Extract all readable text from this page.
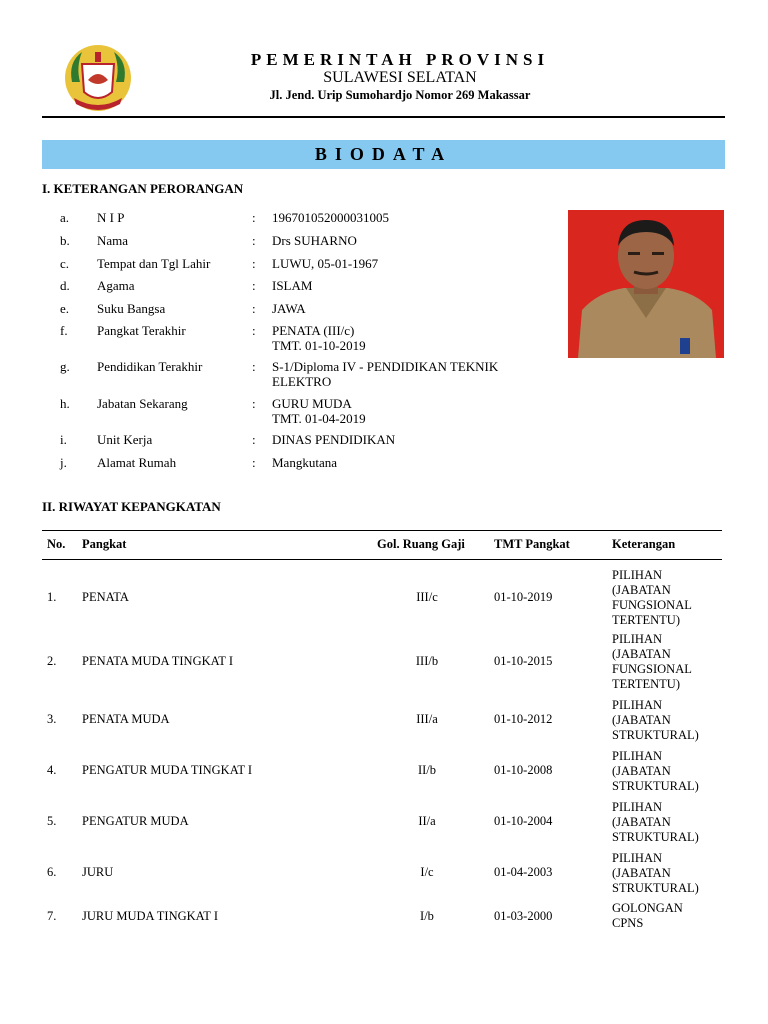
PEMERINTAH PROVINSI
SULAWESI SELATAN
Jl. Jend. Urip Sumohardjo Nomor 269 Makassar
BIODATA
I. KETERANGAN PERORANGAN
a. N I P	: 196701052000031005
b. Nama	: Drs SUHARNO
c. Tempat dan Tgl Lahir	: LUWU, 05-01-1967
d. Agama	: ISLAM
e. Suku Bangsa	: JAWA
f. Pangkat Terakhir	: PENATA (III/c)
TMT. 01-10-2019
g. Pendidikan Terakhir	: S-1/Diploma IV - PENDIDIKAN TEKNIK
ELEKTRO
h. Jabatan Sekarang	: GURU MUDA
TMT. 01-04-2019
i. Unit Kerja	: DINAS PENDIDIKAN
j. Alamat Rumah	: Mangkutana
II. RIWAYAT KEPANGKATAN
No. Pangkat	Gol. Ruang Gaji TMT Pangkat	Keterangan
1. PENATA	III/c	01-10-2019
PILIHAN
(JABATAN
FUNGSIONAL
TERTENTU)
2. PENATA MUDA TINGKAT I	III/b	01-10-2015
PILIHAN
(JABATAN
FUNGSIONAL
TERTENTU)
3. PENATA MUDA	III/a	01-10-2012
PILIHAN
(JABATAN
STRUKTURAL)
4. PENGATUR MUDA TINGKAT I	II/b	01-10-2008
PILIHAN
(JABATAN
STRUKTURAL)
5. PENGATUR MUDA	II/a	01-10-2004
PILIHAN
(JABATAN
STRUKTURAL)
6. JURU	I/c	01-04-2003
PILIHAN
(JABATAN
STRUKTURAL)
7. JURU MUDA TINGKAT I	I/b	01-03-2000
GOLONGAN
CPNS
